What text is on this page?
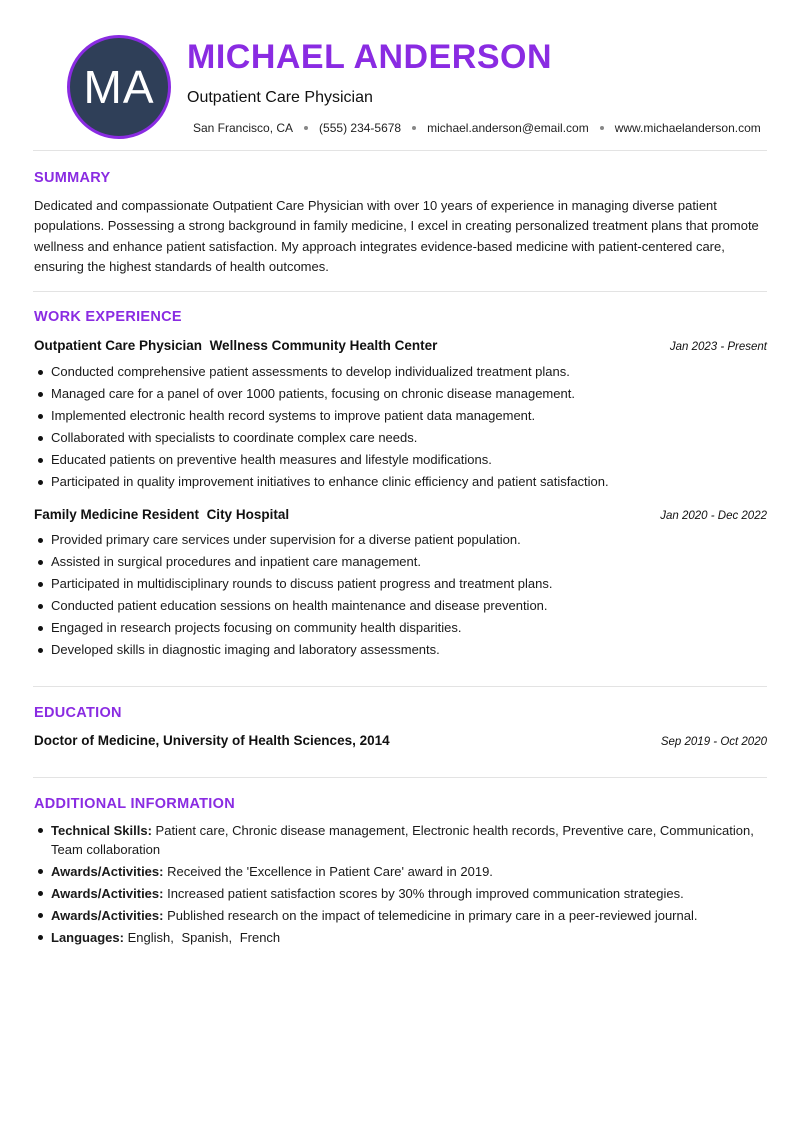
MA
MICHAEL ANDERSON
Outpatient Care Physician
San Francisco, CA (555) 234-5678 michael.anderson@email.com www.michaelanderson.com
SUMMARY
Dedicated and compassionate Outpatient Care Physician with over 10 years of experience in managing diverse patient populations. Possessing a strong background in family medicine, I excel in creating personalized treatment plans that promote wellness and enhance patient satisfaction. My approach integrates evidence-based medicine with patient-centered care, ensuring the highest standards of health outcomes.
WORK EXPERIENCE
Outpatient Care Physician Wellness Community Health Center	Jan 2023 - Present
Conducted comprehensive patient assessments to develop individualized treatment plans.
Managed care for a panel of over 1000 patients, focusing on chronic disease management.
Implemented electronic health record systems to improve patient data management.
Collaborated with specialists to coordinate complex care needs.
Educated patients on preventive health measures and lifestyle modifications.
Participated in quality improvement initiatives to enhance clinic efficiency and patient satisfaction.
Family Medicine Resident City Hospital	Jan 2020 - Dec 2022
Provided primary care services under supervision for a diverse patient population.
Assisted in surgical procedures and inpatient care management.
Participated in multidisciplinary rounds to discuss patient progress and treatment plans.
Conducted patient education sessions on health maintenance and disease prevention.
Engaged in research projects focusing on community health disparities.
Developed skills in diagnostic imaging and laboratory assessments.
EDUCATION
Doctor of Medicine, University of Health Sciences, 2014	Sep 2019 - Oct 2020
ADDITIONAL INFORMATION
Technical Skills: Patient care, Chronic disease management, Electronic health records, Preventive care, Communication, Team collaboration
Awards/Activities: Received the 'Excellence in Patient Care' award in 2019.
Awards/Activities: Increased patient satisfaction scores by 30% through improved communication strategies.
Awards/Activities: Published research on the impact of telemedicine in primary care in a peer-reviewed journal.
Languages: English, Spanish, French
